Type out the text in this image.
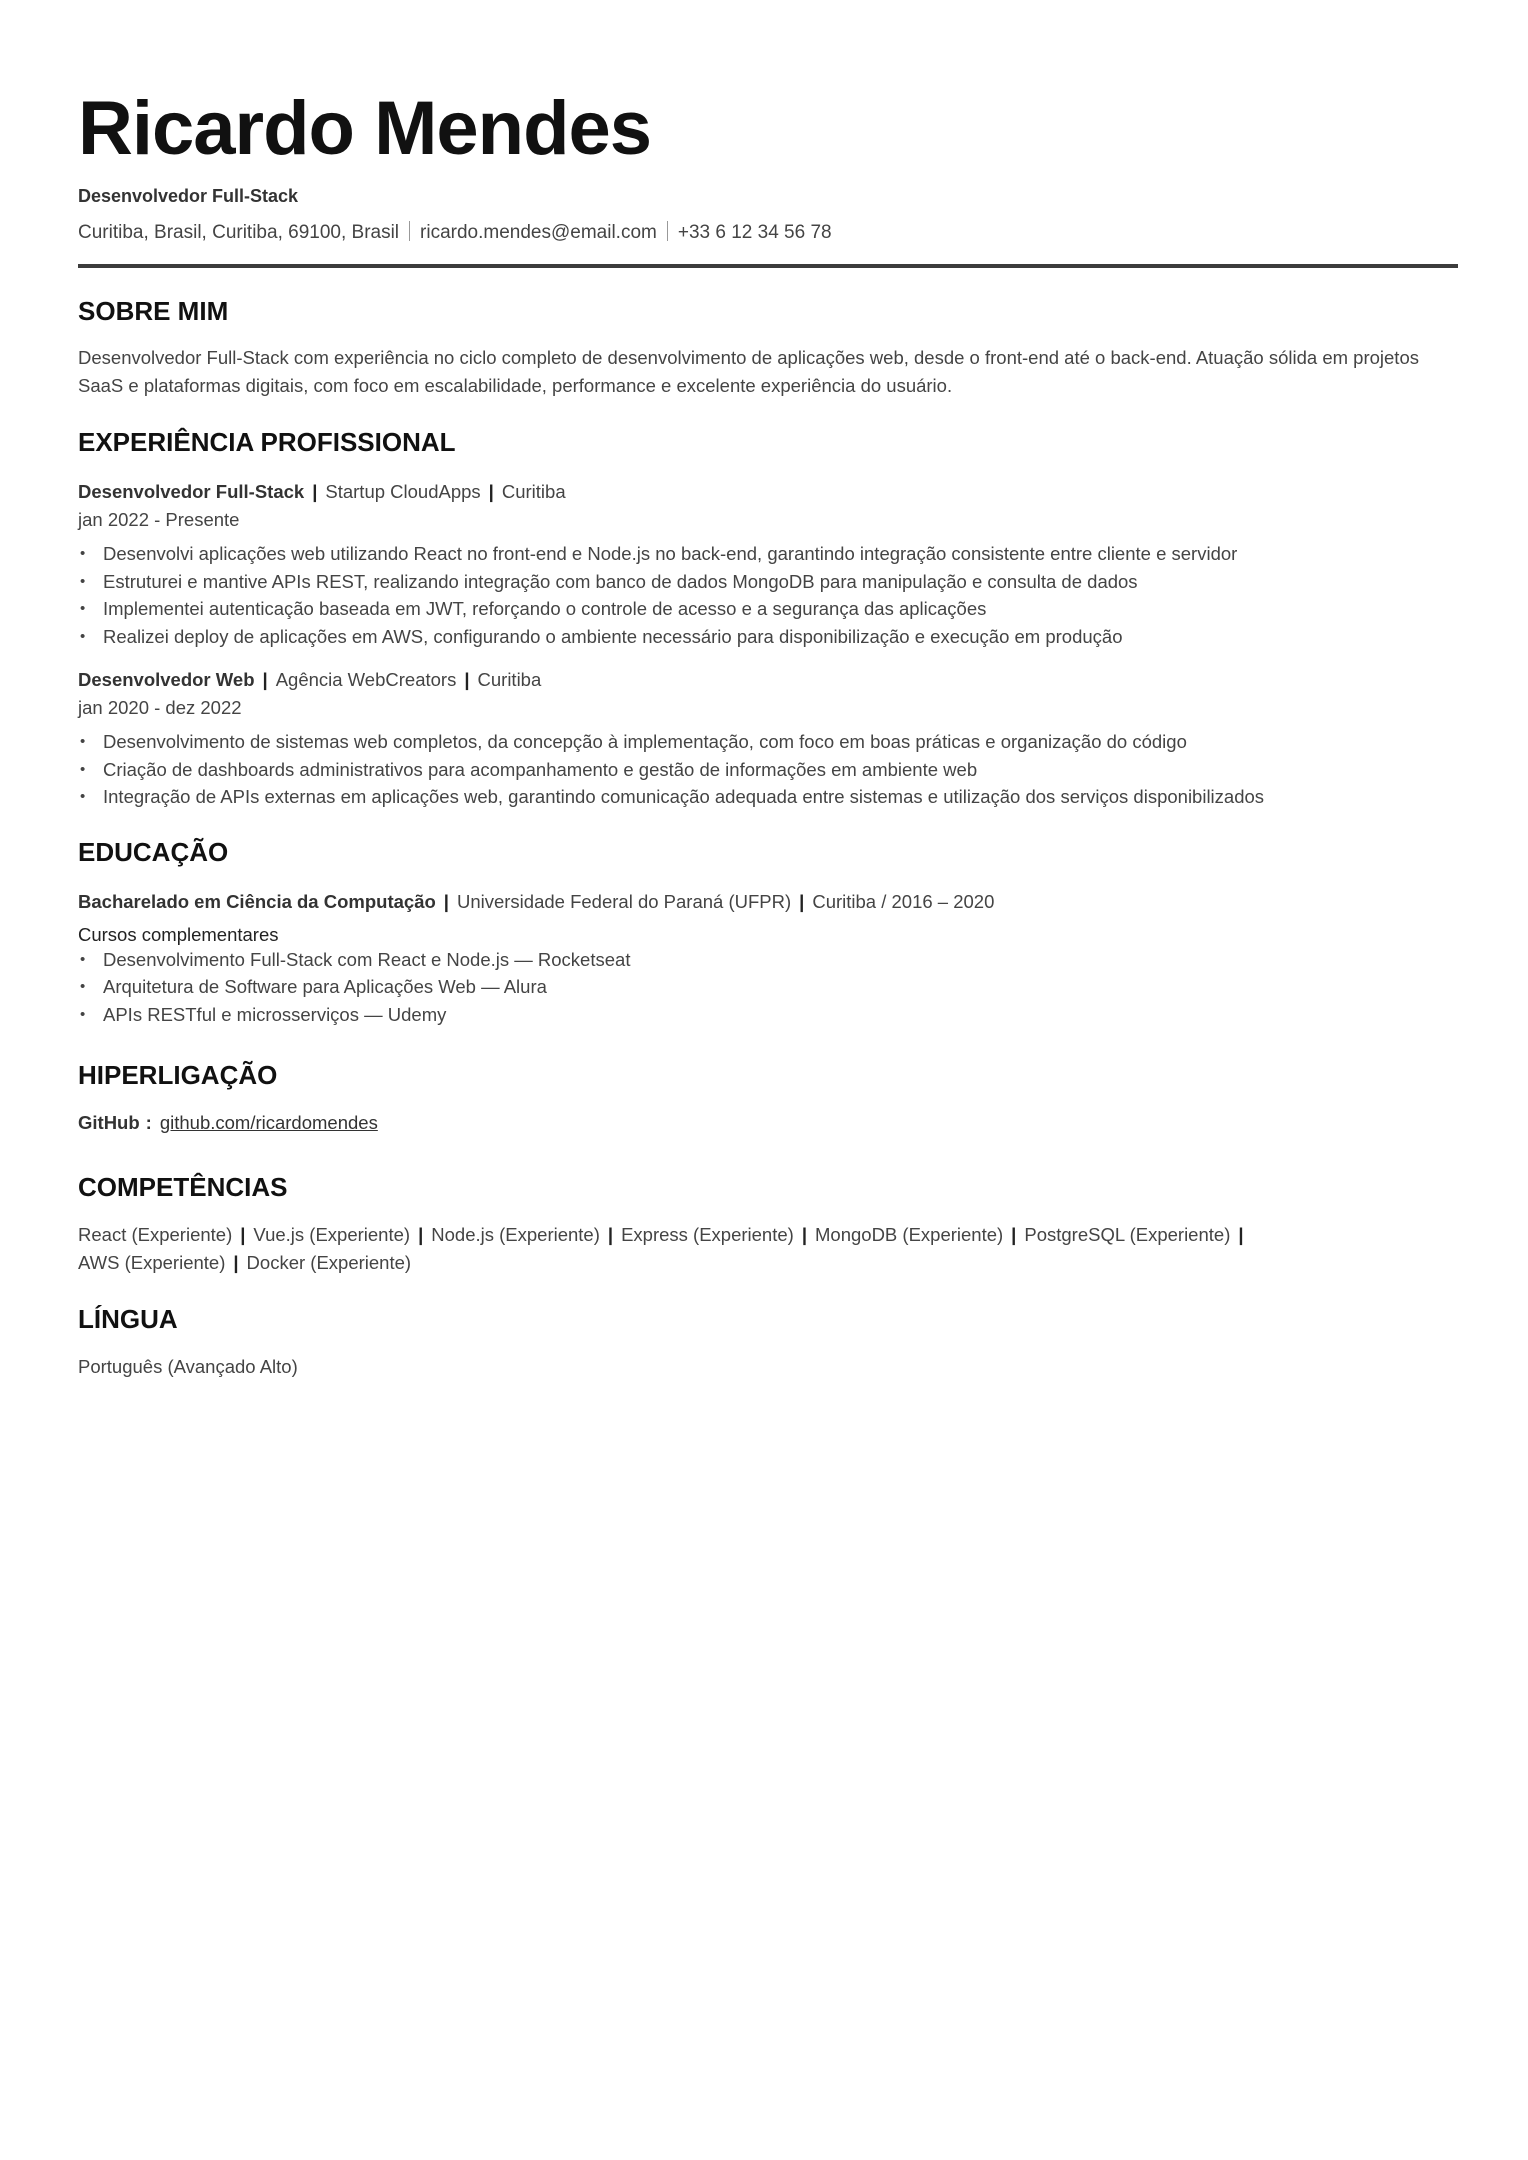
Ricardo Mendes
Desenvolvedor Full-Stack
Curitiba, Brasil, Curitiba, 69100, Brasil ricardo.mendes@email.com +33 6 12 34 56 78
SOBRE MIM
Desenvolvedor Full-Stack com experiência no ciclo completo de desenvolvimento de aplicações web, desde o front-end até o back-end. Atuação sólida em projetos SaaS e plataformas digitais, com foco em escalabilidade, performance e excelente experiência do usuário.
EXPERIÊNCIA PROFISSIONAL
Desenvolvedor Full-Stack | Startup CloudApps | Curitiba
jan 2022 - Presente
• Desenvolvi aplicações web utilizando React no front-end e Node.js no back-end, garantindo integração consistente entre cliente e servidor
• Estruturei e mantive APIs REST, realizando integração com banco de dados MongoDB para manipulação e consulta de dados
• Implementei autenticação baseada em JWT, reforçando o controle de acesso e a segurança das aplicações
• Realizei deploy de aplicações em AWS, configurando o ambiente necessário para disponibilização e execução em produção
Desenvolvedor Web | Agência WebCreators | Curitiba
jan 2020 - dez 2022
• Desenvolvimento de sistemas web completos, da concepção à implementação, com foco em boas práticas e organização do código
• Criação de dashboards administrativos para acompanhamento e gestão de informações em ambiente web
• Integração de APIs externas em aplicações web, garantindo comunicação adequada entre sistemas e utilização dos serviços disponibilizados
EDUCAÇÃO
Bacharelado em Ciência da Computação | Universidade Federal do Paraná (UFPR) | Curitiba / 2016 – 2020
Cursos complementares
• Desenvolvimento Full-Stack com React e Node.js — Rocketseat
• Arquitetura de Software para Aplicações Web — Alura
• APIs RESTful e microsserviços — Udemy
HIPERLIGAÇÃO
GitHub : github.com/ricardomendes
COMPETÊNCIAS
React (Experiente) | Vue.js (Experiente) | Node.js (Experiente) | Express (Experiente) | MongoDB (Experiente) | PostgreSQL (Experiente) |
AWS (Experiente) | Docker (Experiente)
LÍNGUA
Português (Avançado Alto)
